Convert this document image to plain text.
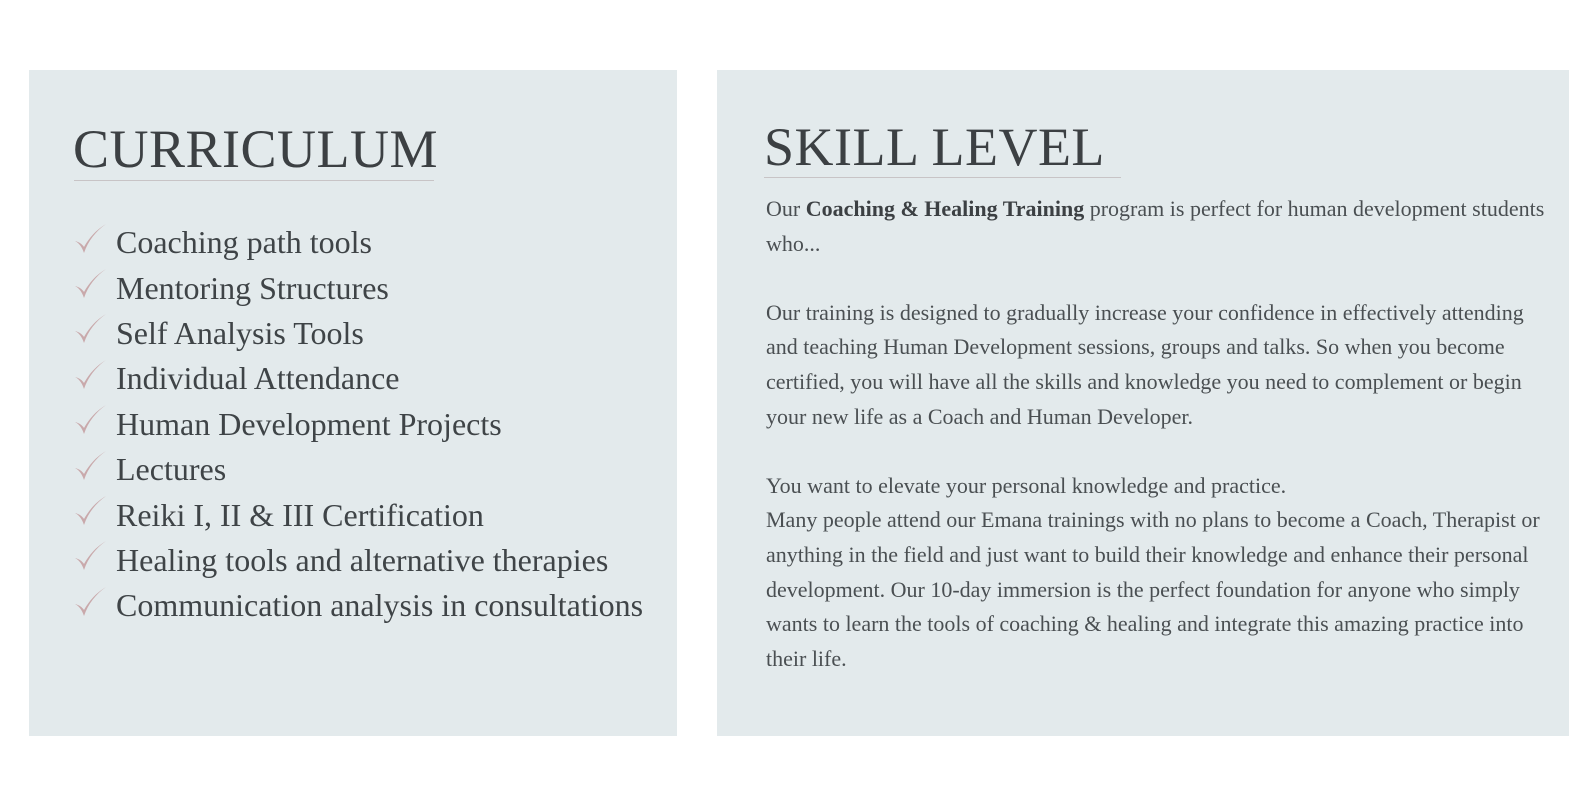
CURRICULUM
Coaching path tools
Mentoring Structures
Self Analysis Tools
Individual Attendance
Human Development Projects
Lectures
Reiki I, II & III Certification
Healing tools and alternative therapies
Communication analysis in consultations
SKILL LEVEL

Our Coaching & Healing Training program is perfect for human development students who...

Our training is designed to gradually increase your confidence in effectively attending and teaching Human Development sessions, groups and talks. So when you become certified, you will have all the skills and knowledge you need to complement or begin your new life as a Coach and Human Developer.

You want to elevate your personal knowledge and practice.

Many people attend our Emana trainings with no plans to become a Coach, Therapist or anything in the field and just want to build their knowledge and enhance their personal development. Our 10-day immersion is the perfect foundation for anyone who simply wants to learn the tools of coaching & healing and integrate this amazing practice into their life.
